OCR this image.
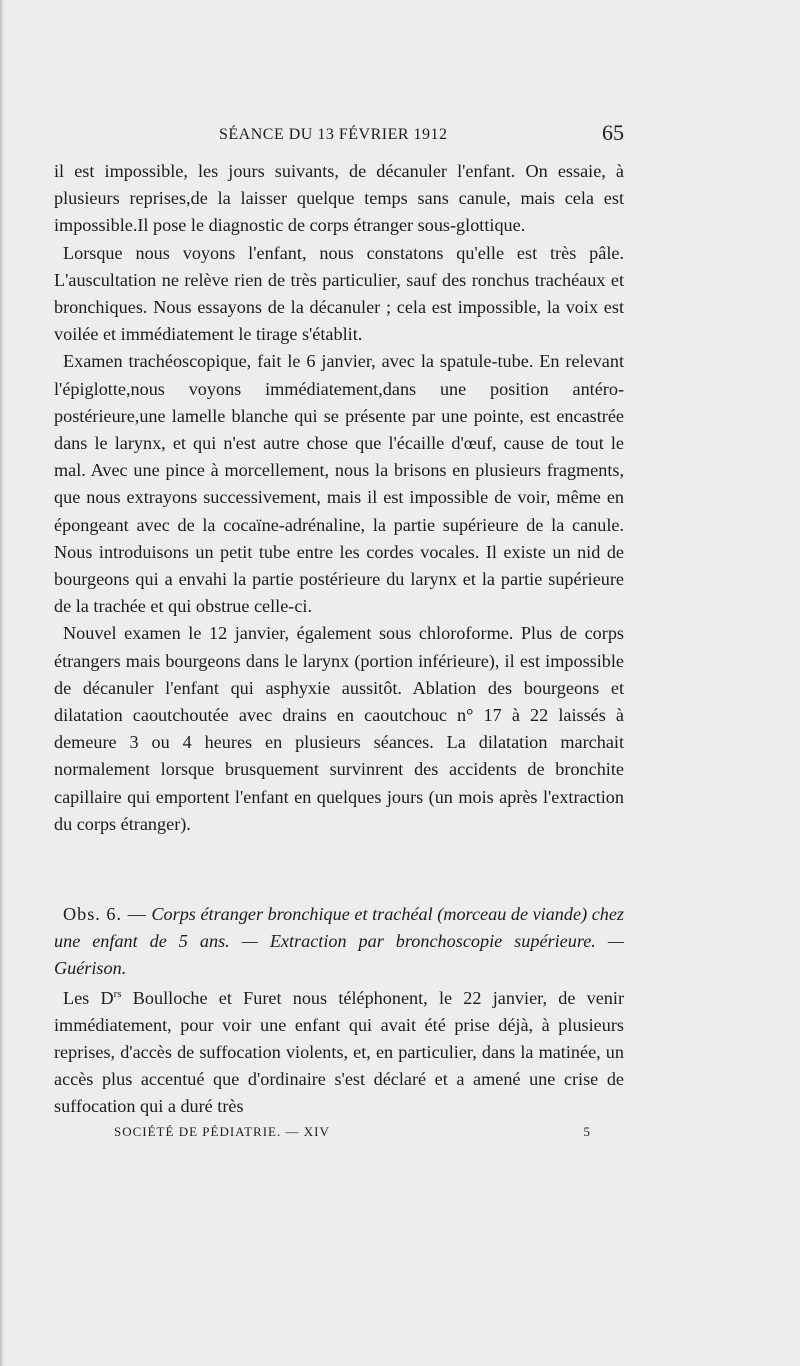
SÉANCE DU 13 FÉVRIER 1912	65

il est impossible, les jours suivants, de décanuler l'enfant. On essaie, à plusieurs reprises,de la laisser quelque temps sans canule, mais cela est impossible.Il pose le diagnostic de corps étranger sous-glottique.

Lorsque nous voyons l'enfant, nous constatons qu'elle est très pâle. L'auscultation ne relève rien de très particulier, sauf des ronchus trachéaux et bronchiques. Nous essayons de la décanuler ; cela est impossible, la voix est voilée et immédiatement le tirage s'établit.

Examen trachéoscopique, fait le 6 janvier, avec la spatule-tube. En relevant l'épiglotte,nous voyons immédiatement,dans une position antéro-postérieure,une lamelle blanche qui se présente par une pointe, est encastrée dans le larynx, et qui n'est autre chose que l'écaille d'œuf, cause de tout le mal. Avec une pince à morcellement, nous la brisons en plusieurs fragments, que nous extrayons successivement, mais il est impossible de voir, même en épongeant avec de la cocaïne-adrénaline, la partie supérieure de la canule. Nous introduisons un petit tube entre les cordes vocales. Il existe un nid de bourgeons qui a envahi la partie postérieure du larynx et la partie supérieure de la trachée et qui obstrue celle-ci.

Nouvel examen le 12 janvier, également sous chloroforme. Plus de corps étrangers mais bourgeons dans le larynx (portion inférieure), il est impossible de décanuler l'enfant qui asphyxie aussitôt. Ablation des bourgeons et dilatation caoutchoutée avec drains en caoutchouc n° 17 à 22 laissés à demeure 3 ou 4 heures en plusieurs séances. La dilatation marchait normalement lorsque brusquement survinrent des accidents de bronchite capillaire qui emportent l'enfant en quelques jours (un mois après l'extraction du corps étranger).

Obs. 6. — Corps étranger bronchique et trachéal (morceau de viande) chez une enfant de 5 ans. — Extraction par bronchoscopie supérieure. — Guérison.

Les $D^{rs}$ Boulloche et Furet nous téléphonent, le 22 janvier, de venir immédiatement, pour voir une enfant qui avait été prise déjà, à plusieurs reprises, d'accès de suffocation violents, et, en particulier, dans la matinée, un accès plus accentué que d'ordinaire s'est déclaré et a amené une crise de suffocation qui a duré très

SOCIÉTÉ DE PÉDIATRIE. — XIV	5
